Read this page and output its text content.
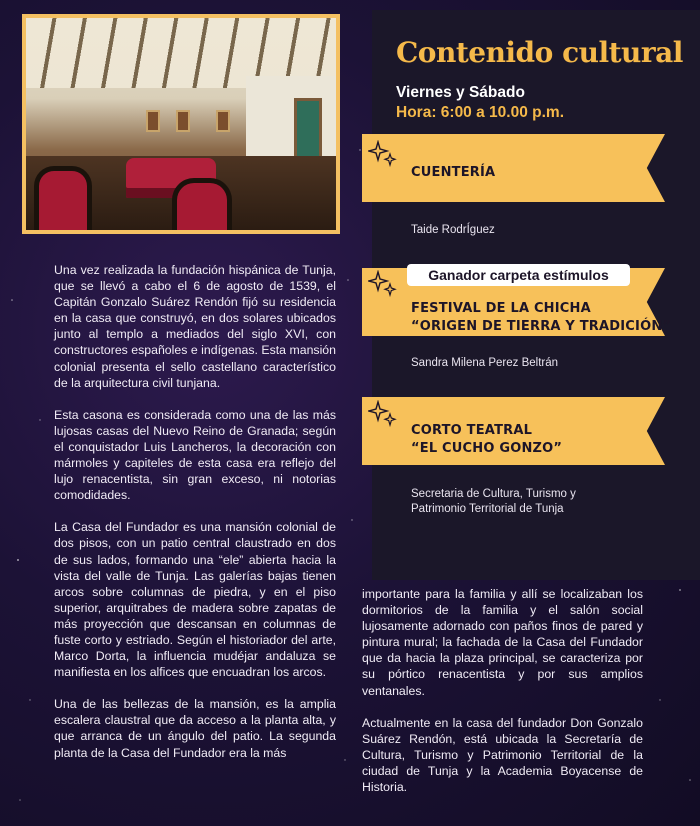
Contenido cultural
Viernes y Sábado
Hora: 6:00 a 10.00 p.m.
CUENTERÍA
Taide RodrÍguez
Ganador carpeta estímulos
FESTIVAL DE LA CHICHA
“ORIGEN DE TIERRA Y TRADICIÓN”
Sandra Milena Perez Beltrán
CORTO TEATRAL
“EL CUCHO GONZO”
Secretaria de Cultura, Turismo y
Patrimonio Territorial de Tunja

Una vez realizada la fundación hispánica de Tunja, que se llevó a cabo el 6 de agosto de 1539, el Capitán Gonzalo Suárez Rendón fijó su residencia en la casa que construyó, en dos solares ubicados junto al templo a mediados del siglo XVI, con constructores españoles e indígenas. Esta mansión colonial presenta el sello castellano característico de la arquitectura civil tunjana.

Esta casona es considerada como una de las más lujosas casas del Nuevo Reino de Granada; según el conquistador Luis Lancheros, la decoración con mármoles y capiteles de esta casa era reflejo del lujo renacentista, sin gran exceso, ni notorias comodidades.

La Casa del Fundador es una mansión colonial de dos pisos, con un patio central claustrado en dos de sus lados, formando una “ele” abierta hacia la vista del valle de Tunja. Las galerías bajas tienen arcos sobre columnas de piedra, y en el piso superior, arquitrabes de madera sobre zapatas de más proyección que descansan en columnas de fuste corto y estriado. Según el historiador del arte, Marco Dorta, la influencia mudéjar andaluza se manifiesta en los alfices que encuadran los arcos.

Una de las bellezas de la mansión, es la amplia escalera claustral que da acceso a la planta alta, y que arranca de un ángulo del patio. La segunda planta de la Casa del Fundador era la más

importante para la familia y allí se localizaban los dormitorios de la familia y el salón social lujosamente adornado con paños finos de pared y pintura mural; la fachada de la Casa del Fundador que da hacia la plaza principal, se caracteriza por su pórtico renacentista y por sus amplios ventanales.

Actualmente en la casa del fundador Don Gonzalo Suárez Rendón, está ubicada la Secretaría de Cultura, Turismo y Patrimonio Territorial de la ciudad de Tunja y la Academia Boyacense de Historia.
